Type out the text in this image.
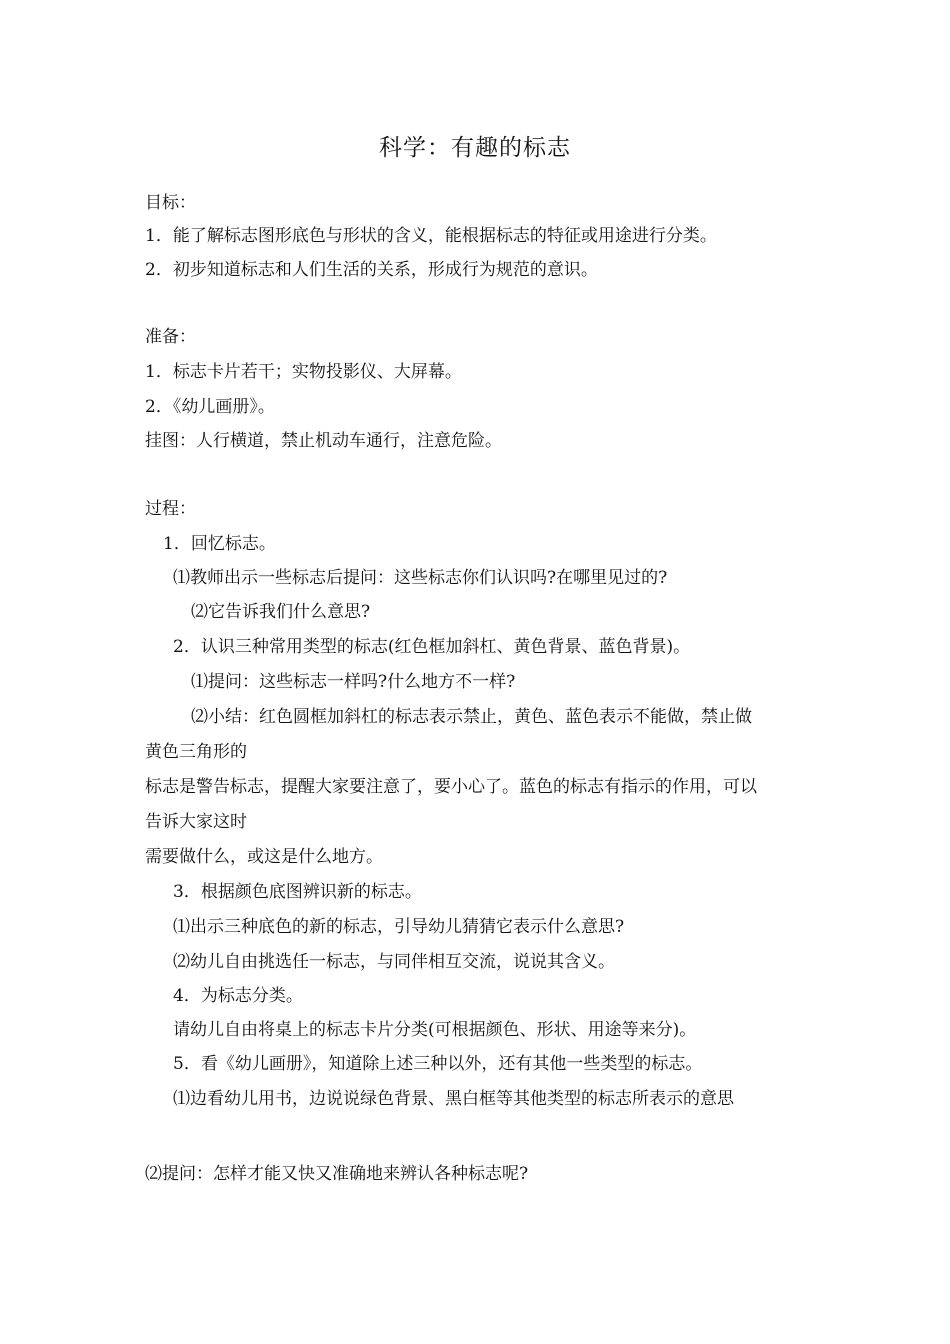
科学：有趣的标志
目标：
1．能了解标志图形底色与形状的含义，能根据标志的特征或用途进行分类。
2．初步知道标志和人们生活的关系，形成行为规范的意识。
准备：
1．标志卡片若干；实物投影仪、大屏幕。
2．《幼儿画册》。
挂图：人行横道，禁止机动车通行，注意危险。
过程：
1．回忆标志。
⑴教师出示一些标志后提问：这些标志你们认识吗?在哪里见过的?
⑵它告诉我们什么意思?
2．认识三种常用类型的标志(红色框加斜杠、黄色背景、蓝色背景)。
⑴提问：这些标志一样吗?什么地方不一样?
⑵小结：红色圆框加斜杠的标志表示禁止，黄色、蓝色表示不能做，禁止做
黄色三角形的
标志是警告标志，提醒大家要注意了，要小心了。蓝色的标志有指示的作用，可以
告诉大家这时
需要做什么，或这是什么地方。
3．根据颜色底图辨识新的标志。
⑴出示三种底色的新的标志，引导幼儿猜猜它表示什么意思?
⑵幼儿自由挑选任一标志，与同伴相互交流，说说其含义。
4．为标志分类。
请幼儿自由将桌上的标志卡片分类(可根据颜色、形状、用途等来分)。
5．看《幼儿画册》，知道除上述三种以外，还有其他一些类型的标志。
⑴边看幼儿用书，边说说绿色背景、黑白框等其他类型的标志所表示的意思
⑵提问：怎样才能又快又准确地来辨认各种标志呢?
